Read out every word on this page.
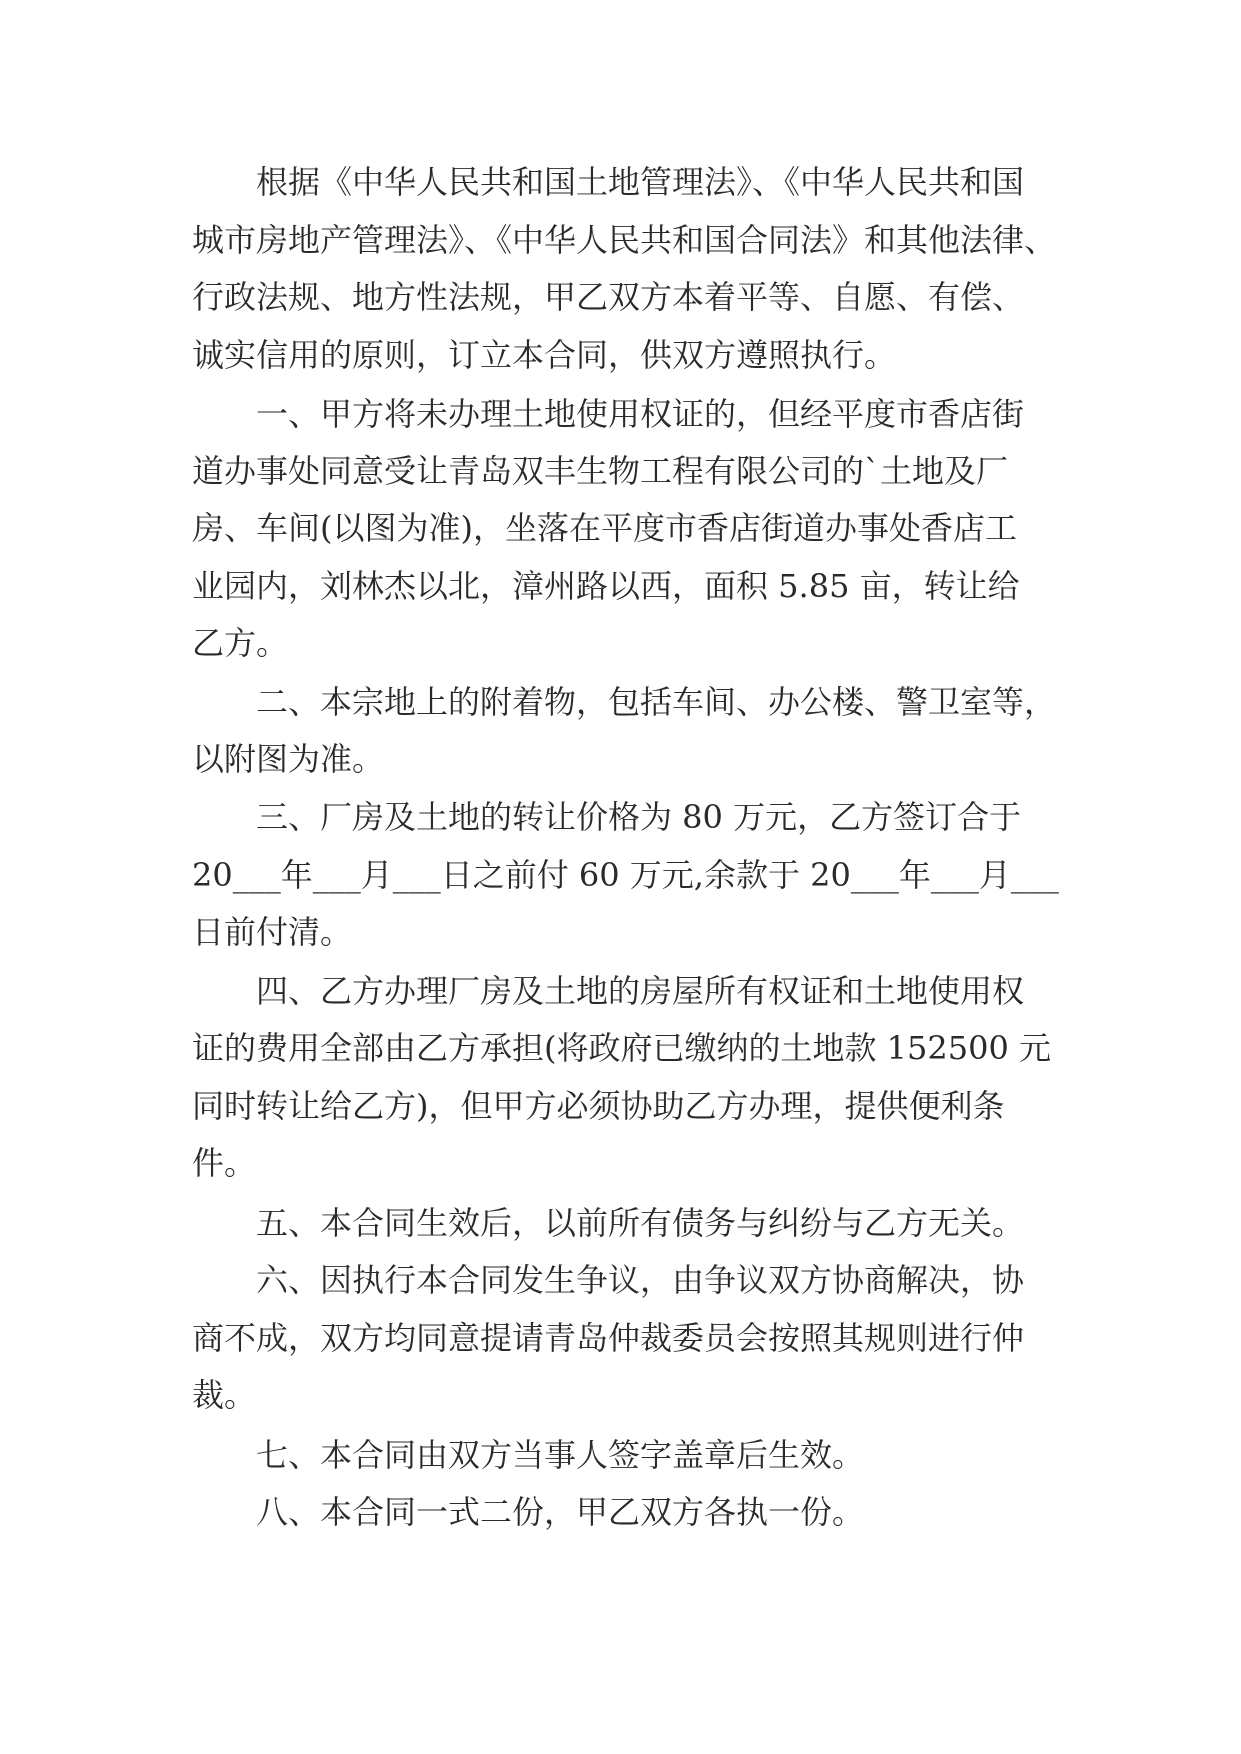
根据《中华人民共和国土地管理法》、《中华人民共和国

城市房地产管理法》、《中华人民共和国合同法》和其他法律、

行政法规、地方性法规，甲乙双方本着平等、自愿、有偿、

诚实信用的原则，订立本合同，供双方遵照执行。

一、甲方将未办理土地使用权证的，但经平度市香店街

道办事处同意受让青岛双丰生物工程有限公司的`土地及厂

房、车间(以图为准)，坐落在平度市香店街道办事处香店工

业园内，刘林杰以北，漳州路以西，面积 5.85 亩，转让给

乙方。

二、本宗地上的附着物，包括车间、办公楼、警卫室等，

以附图为准。

三、厂房及土地的转让价格为 80 万元，乙方签订合于

20___年___月___日之前付 60 万元,余款于 20___年___月___

日前付清。

四、乙方办理厂房及土地的房屋所有权证和土地使用权

证的费用全部由乙方承担(将政府已缴纳的土地款 152500 元

同时转让给乙方)，但甲方必须协助乙方办理，提供便利条

件。

五、本合同生效后，以前所有债务与纠纷与乙方无关。

六、因执行本合同发生争议，由争议双方协商解决，协

商不成，双方均同意提请青岛仲裁委员会按照其规则进行仲

裁。

七、本合同由双方当事人签字盖章后生效。

八、本合同一式二份，甲乙双方各执一份。
